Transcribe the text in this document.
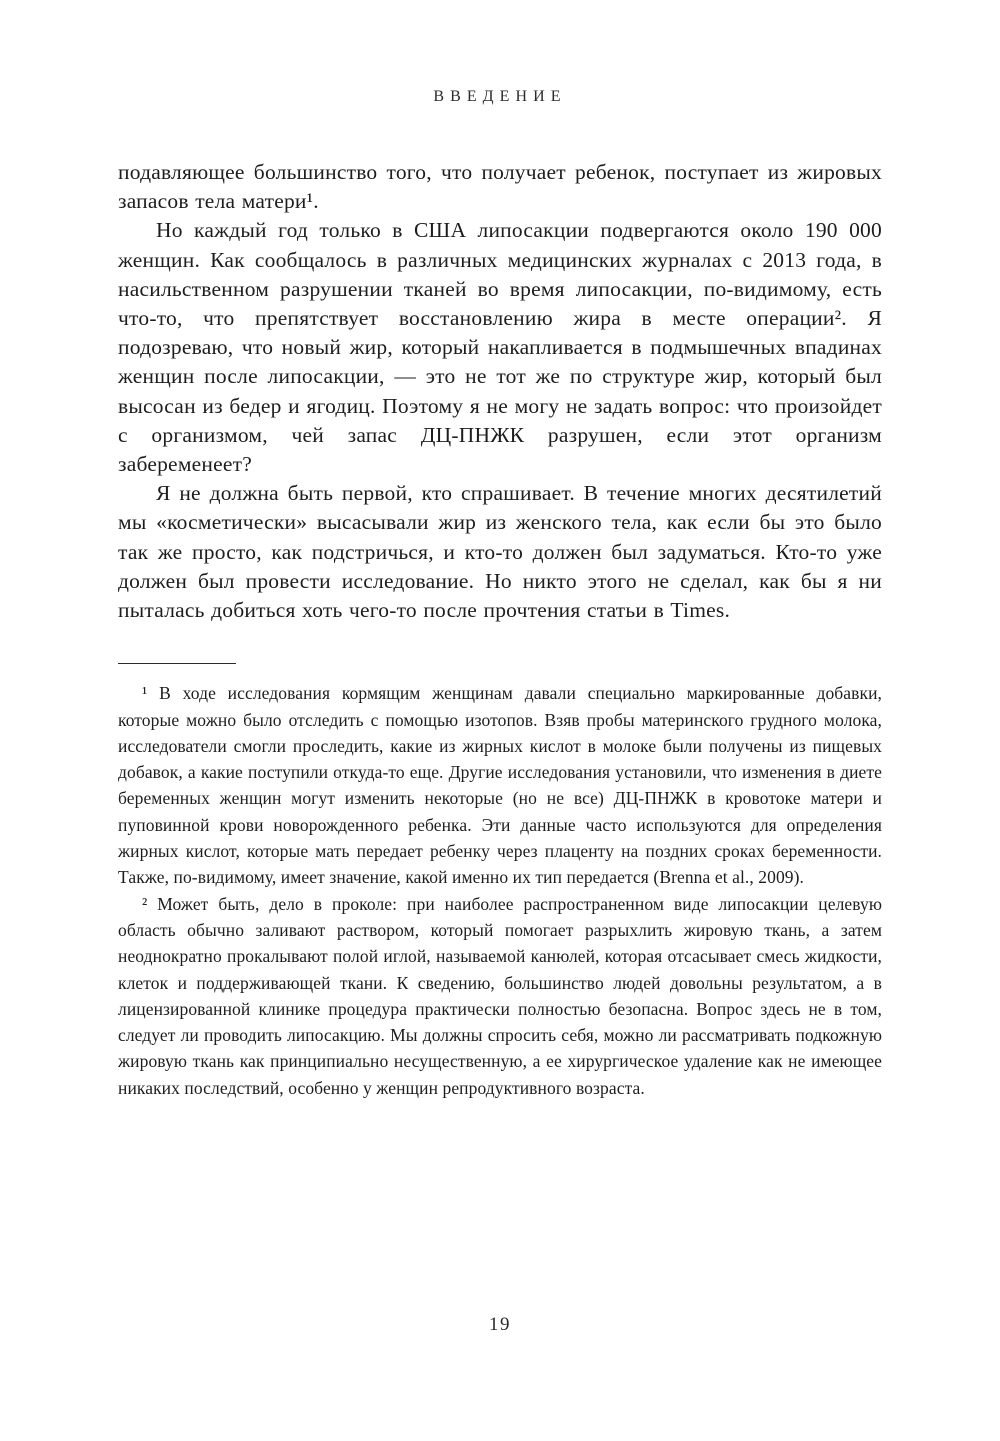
ВВЕДЕНИЕ

подавляющее большинство того, что получает ребенок, поступает из жировых запасов тела матери¹.

Но каждый год только в США липосакции подвергаются около 190 000 женщин. Как сообщалось в различных медицинских журналах с 2013 года, в насильственном разрушении тканей во время липосакции, по-видимому, есть что-то, что препятствует восстановлению жира в месте операции². Я подозреваю, что новый жир, который накапливается в подмышечных впадинах женщин после липосакции, — это не тот же по структуре жир, который был высосан из бедер и ягодиц. Поэтому я не могу не задать вопрос: что произойдет с организмом, чей запас ДЦ-ПНЖК разрушен, если этот организм забеременеет?

Я не должна быть первой, кто спрашивает. В течение многих десятилетий мы «косметически» высасывали жир из женского тела, как если бы это было так же просто, как подстричься, и кто-то должен был задуматься. Кто-то уже должен был провести исследование. Но никто этого не сделал, как бы я ни пыталась добиться хоть чего-то после прочтения статьи в Times.

¹ В ходе исследования кормящим женщинам давали специально маркированные добавки, которые можно было отследить с помощью изотопов. Взяв пробы материнского грудного молока, исследователи смогли проследить, какие из жирных кислот в молоке были получены из пищевых добавок, а какие поступили откуда-то еще. Другие исследования установили, что изменения в диете беременных женщин могут изменить некоторые (но не все) ДЦ-ПНЖК в кровотоке матери и пуповинной крови новорожденного ребенка. Эти данные часто используются для определения жирных кислот, которые мать передает ребенку через плаценту на поздних сроках беременности. Также, по-видимому, имеет значение, какой именно их тип передается (Brenna et al., 2009).

² Может быть, дело в проколе: при наиболее распространенном виде липосакции целевую область обычно заливают раствором, который помогает разрыхлить жировую ткань, а затем неоднократно прокалывают полой иглой, называемой канюлей, которая отсасывает смесь жидкости, клеток и поддерживающей ткани. К сведению, большинство людей довольны результатом, а в лицензированной клинике процедура практически полностью безопасна. Вопрос здесь не в том, следует ли проводить липосакцию. Мы должны спросить себя, можно ли рассматривать подкожную жировую ткань как принципиально несущественную, а ее хирургическое удаление как не имеющее никаких последствий, особенно у женщин репродуктивного возраста.

19
